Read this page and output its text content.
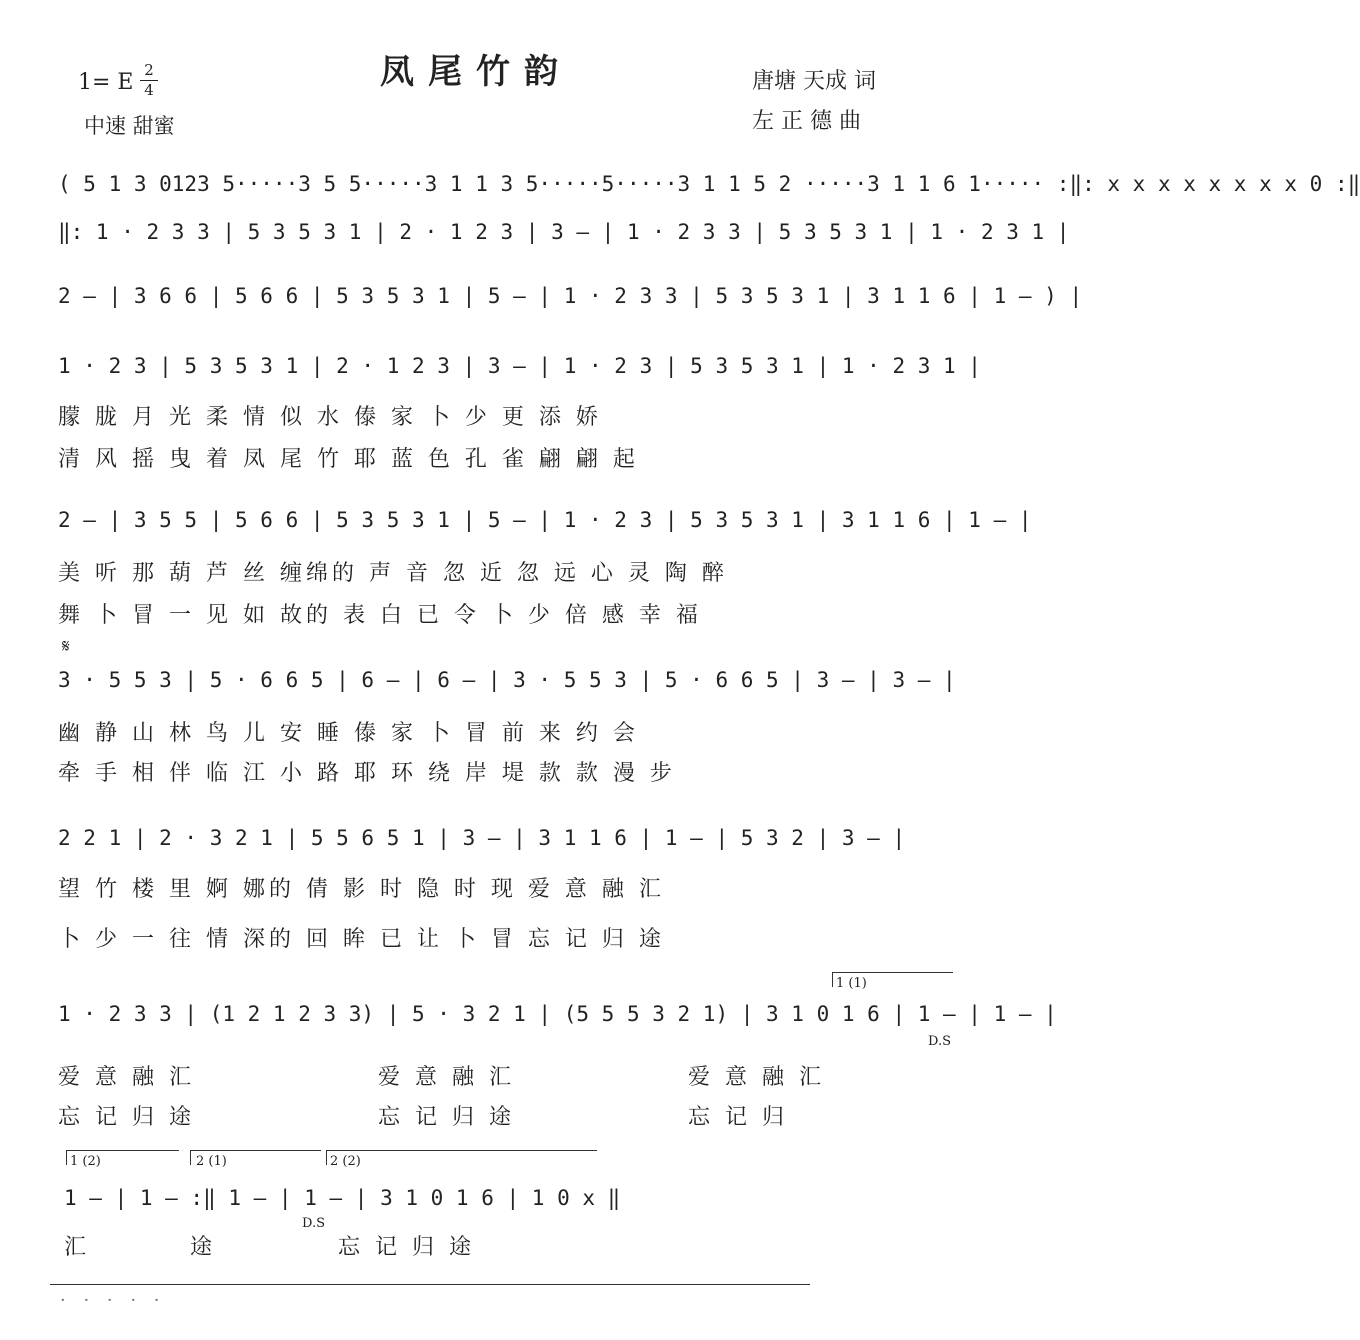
凤尾竹韵
1= E 2
4
中速 甜蜜
唐塘 天成 词
左 正 德 曲
( 5 1 3 0123 5·····3 5 5·····3 1 1 3 5·····5·····3 1 1 5 2 ·····3 1 1 6 1····· :‖: x x x x x x x x 0 :‖
‖: 1 · 2 3 3 | 5 3 5 3 1 | 2 · 1 2 3 | 3 – | 1 · 2 3 3 | 5 3 5 3 1 | 1 · 2 3 1 |
2 – | 3 6 6 | 5 6 6 | 5 3 5 3 1 | 5 – | 1 · 2 3 3 | 5 3 5 3 1 | 3 1 1 6 | 1 – ) |
1 · 2 3 | 5 3 5 3 1 | 2 · 1 2 3 | 3 – | 1 · 2 3 | 5 3 5 3 1 | 1 · 2 3 1 |
朦 胧 月 光 柔 情 似 水 傣 家 卜 少 更 添 娇
清 风 摇 曳 着 凤 尾 竹 耶 蓝 色 孔 雀 翩 翩 起
2 – | 3 5 5 | 5 6 6 | 5 3 5 3 1 | 5 – | 1 · 2 3 | 5 3 5 3 1 | 3 1 1 6 | 1 – |
美 听 那 葫 芦 丝 缠绵的 声 音 忽 近 忽 远 心 灵 陶 醉
舞 卜 冒 一 见 如 故的 表 白 已 令 卜 少 倍 感 幸 福
𝄋
3 · 5 5 3 | 5 · 6 6 5 | 6 – | 6 – | 3 · 5 5 3 | 5 · 6 6 5 | 3 – | 3 – |
幽 静 山 林 鸟 儿 安 睡 傣 家 卜 冒 前 来 约 会
牵 手 相 伴 临 江 小 路 耶 环 绕 岸 堤 款 款 漫 步
2 2 1 | 2 · 3 2 1 | 5 5 6 5 1 | 3 – | 3 1 1 6 | 1 – | 5 3 2 | 3 – |
望 竹 楼 里 婀 娜的 倩 影 时 隐 时 现 爱 意 融 汇
卜 少 一 往 情 深的 回 眸 已 让 卜 冒 忘 记 归 途
1 (1)
1 · 2 3 3 | (1 2 1 2 3 3) | 5 · 3 2 1 | (5 5 5 3 2 1) | 3 1 0 1 6 | 1 – | 1 – |
D.S
爱 意 融 汇	爱 意 融 汇	爱 意 融 汇
忘 记 归 途	忘 记 归 途	忘 记 归
1 (2)	2 (1)	2 (2)
1 – | 1 – :‖ 1 – | 1 – | 3 1 0 1 6 | 1 0 x ‖
D.S
汇	途	忘 记 归 途
· · · · ·
